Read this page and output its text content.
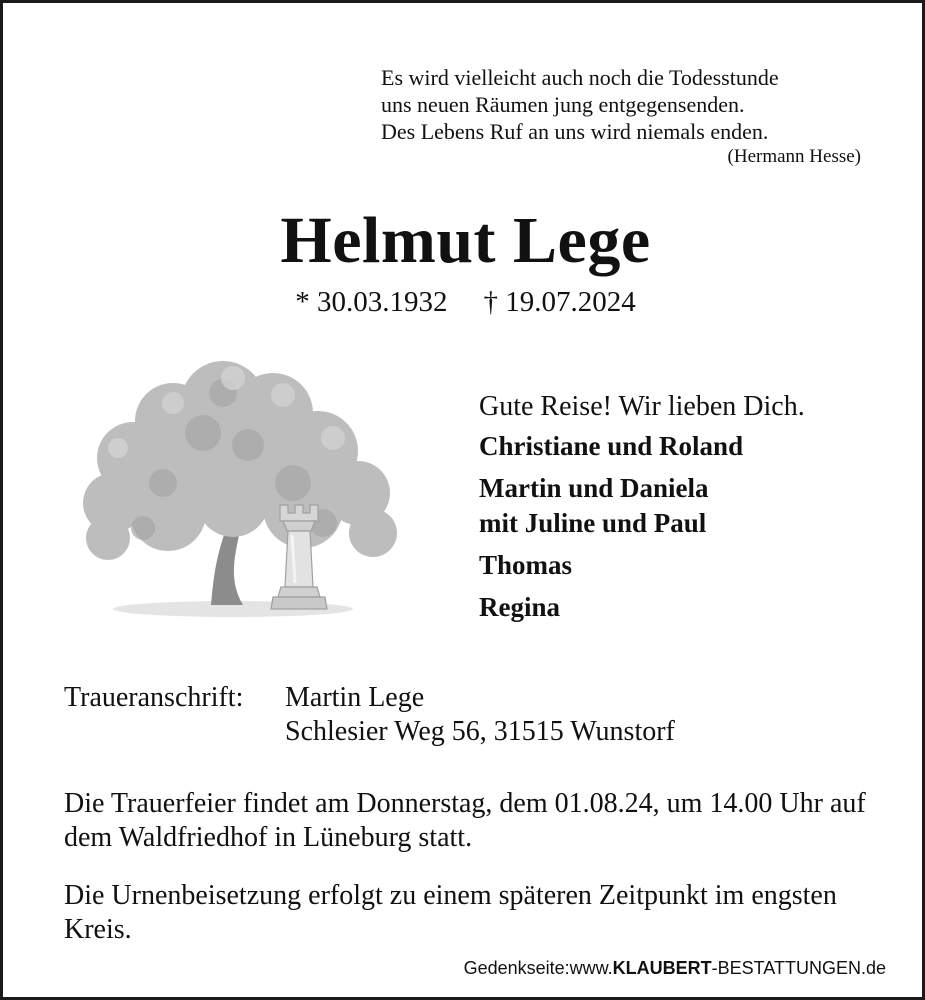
Es wird vielleicht auch noch die Todesstunde
uns neuen Räumen jung entgegensenden.
Des Lebens Ruf an uns wird niemals enden.
(Hermann Hesse)
Helmut Lege
* 30.03.1932 † 19.07.2024
Gute Reise! Wir lieben Dich.
Christiane und Roland
Martin und Daniela
mit Juline und Paul
Thomas
Regina
Traueranschrift:	Martin Lege
Schlesier Weg 56, 31515 Wunstorf
Die Trauerfeier findet am Donnerstag, dem 01.08.24, um 14.00 Uhr auf dem Waldfriedhof in Lüneburg statt.
Die Urnenbeisetzung erfolgt zu einem späteren Zeitpunkt im engsten Kreis.
Gedenkseite:www.KLAUBERT-BESTATTUNGEN.de
